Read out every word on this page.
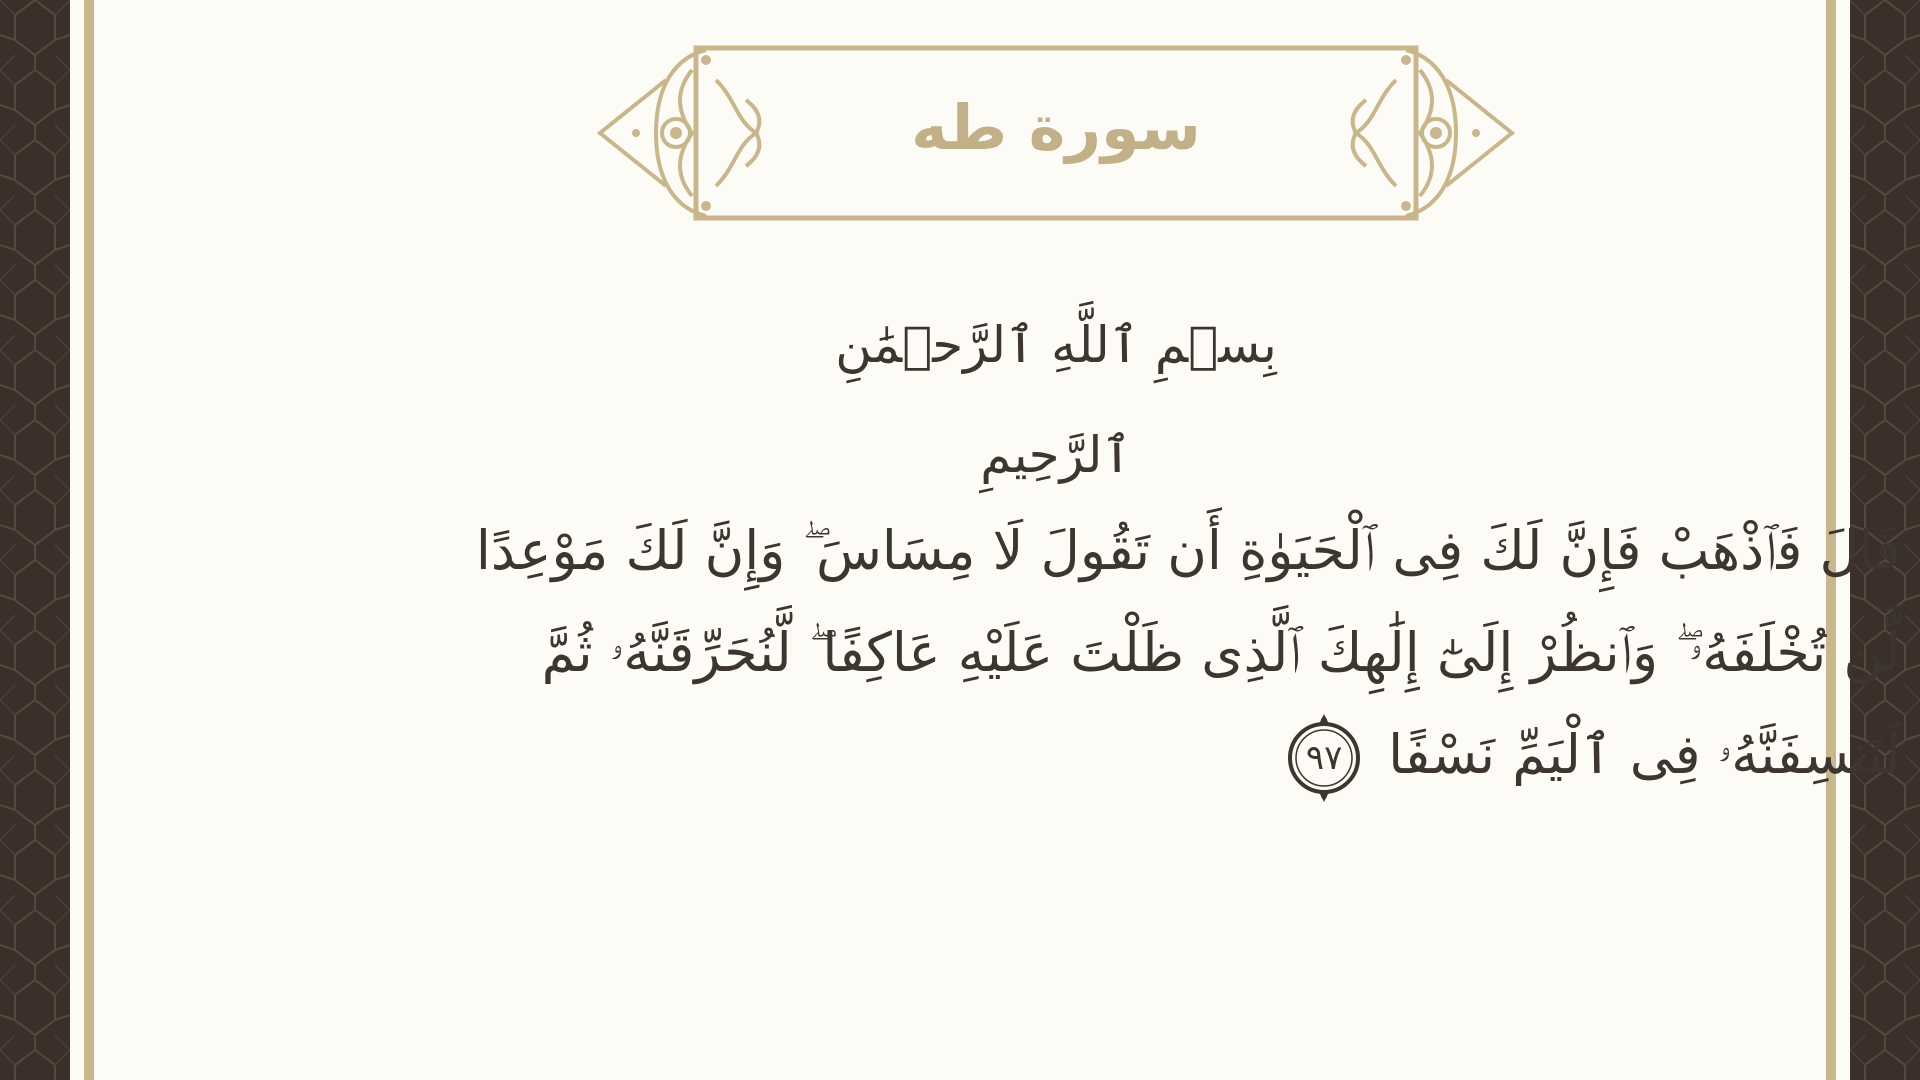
سورة طه
بِسۡمِ ٱللَّهِ ٱلرَّحۡمَٰنِ ٱلرَّحِيمِ
قَالَ فَٱذْهَبْ فَإِنَّ لَكَ فِى ٱلْحَيَوٰةِ أَن تَقُولَ لَا مِسَاسَ ۖ وَإِنَّ لَكَ مَوْعِدًا
لَّن تُخْلَفَهُۥ ۖ وَٱنظُرْ إِلَىٰٓ إِلَٰهِكَ ٱلَّذِى ظَلْتَ عَلَيْهِ عَاكِفًا ۖ لَّنُحَرِّقَنَّهُۥ ثُمَّ
لَنَنسِفَنَّهُۥ فِى ٱلْيَمِّ نَسْفًا
٩٧
